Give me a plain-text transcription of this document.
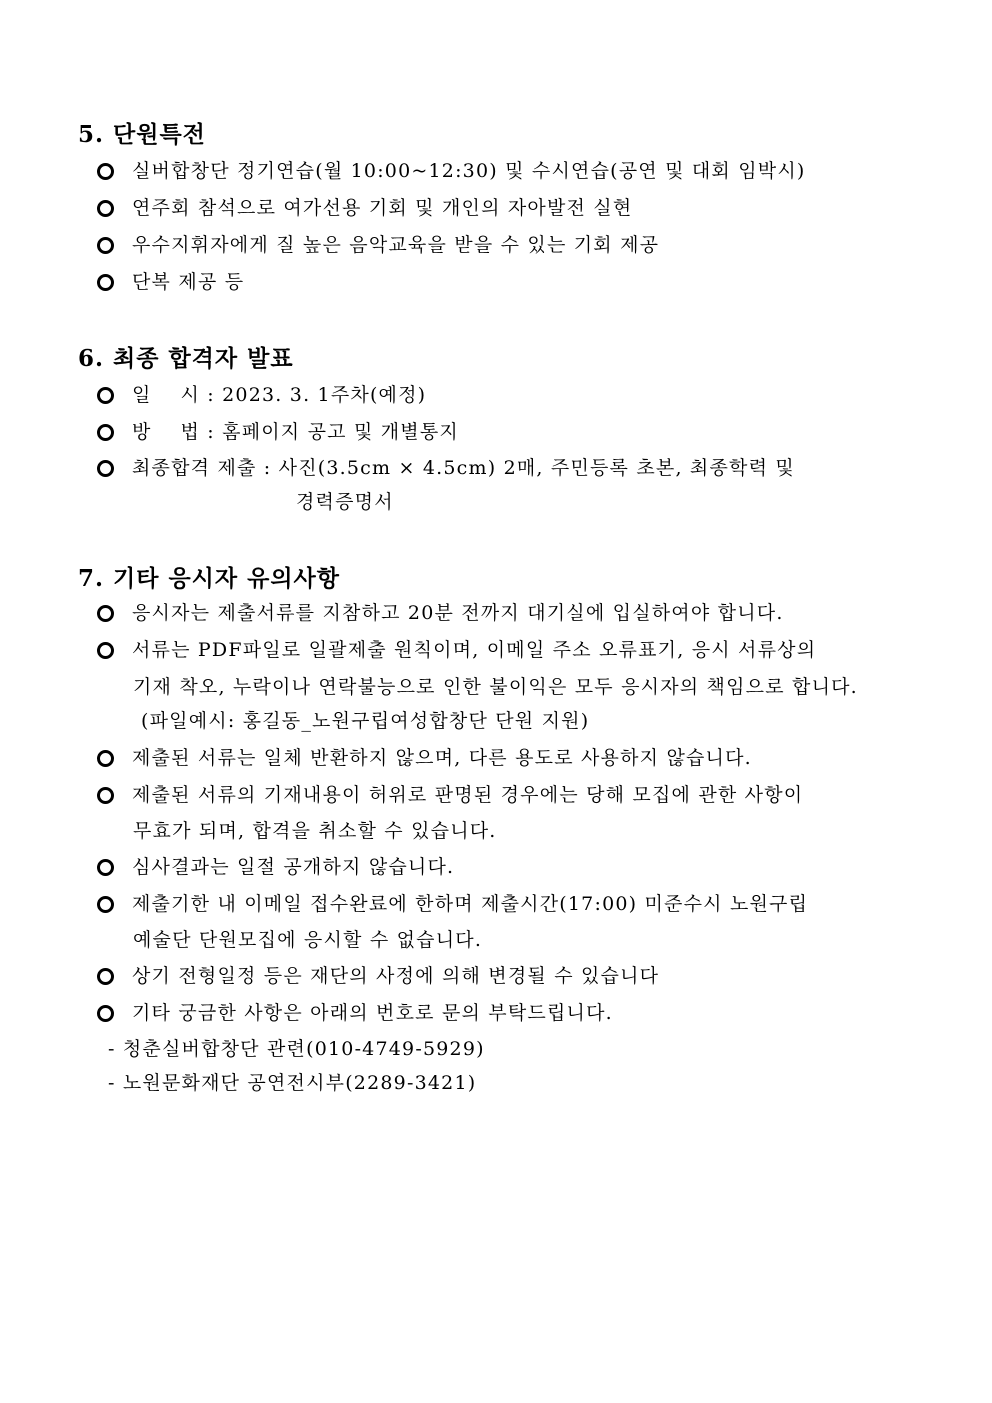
5. 단원특전
실버합창단 정기연습(월 10:00~12:30) 및 수시연습(공연 및 대회 임박시)
연주회 참석으로 여가선용 기회 및 개인의 자아발전 실현
우수지휘자에게 질 높은 음악교육을 받을 수 있는 기회 제공
단복 제공 등
6. 최종 합격자 발표
일    시 : 2023. 3. 1주차(예정)
방    법 : 홈페이지 공고 및 개별통지
최종합격 제출 : 사진(3.5cm × 4.5cm) 2매, 주민등록 초본, 최종학력 및
경력증명서
7. 기타 응시자 유의사항
응시자는 제출서류를 지참하고 20분 전까지 대기실에 입실하여야 합니다.
서류는 PDF파일로 일괄제출 원칙이며, 이메일 주소 오류표기, 응시 서류상의
기재 착오, 누락이나 연락불능으로 인한 불이익은 모두 응시자의 책임으로 합니다.
(파일예시: 홍길동_노원구립여성합창단 단원 지원)
제출된 서류는 일체 반환하지 않으며, 다른 용도로 사용하지 않습니다.
제출된 서류의 기재내용이 허위로 판명된 경우에는 당해 모집에 관한 사항이
무효가 되며, 합격을 취소할 수 있습니다.
심사결과는 일절 공개하지 않습니다.
제출기한 내 이메일 접수완료에 한하며 제출시간(17:00) 미준수시 노원구립
예술단 단원모집에 응시할 수 없습니다.
상기 전형일정 등은 재단의 사정에 의해 변경될 수 있습니다
기타 궁금한 사항은 아래의 번호로 문의 부탁드립니다.
- 청춘실버합창단 관련(010-4749-5929)
- 노원문화재단 공연전시부(2289-3421)
